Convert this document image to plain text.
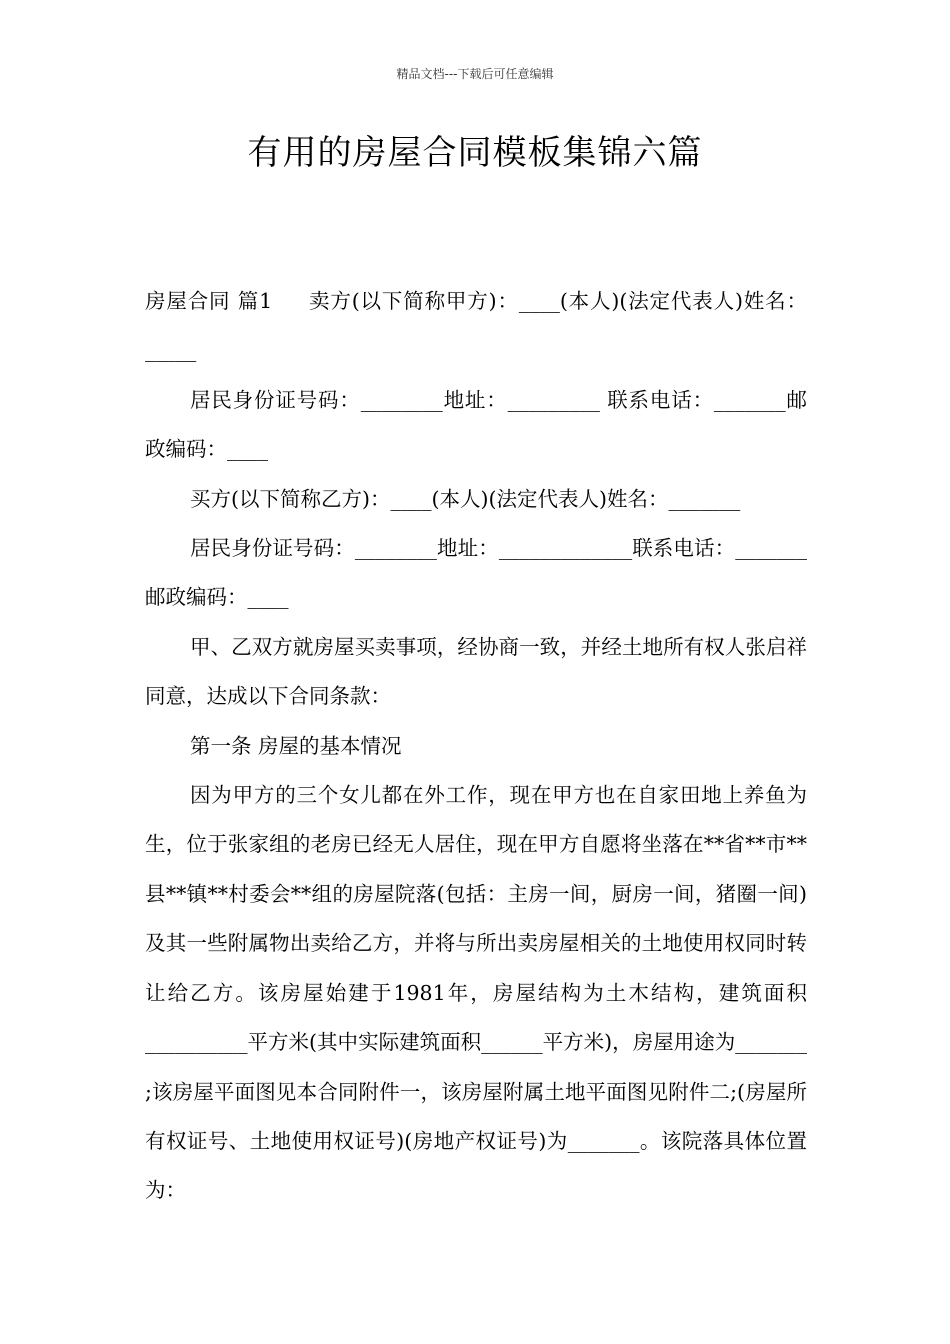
精品文档---下载后可任意编辑
有用的房屋合同模板集锦六篇

房屋合同 篇1 卖方(以下简称甲方)：____(本人)(法定代表人)姓名：_____

居民身份证号码：________地址：_________ 联系电话：_______邮政编码：____

买方(以下简称乙方)：____(本人)(法定代表人)姓名：_______

居民身份证号码：________地址：_____________联系电话：_______邮政编码：____

甲、乙双方就房屋买卖事项，经协商一致，并经土地所有权人张启祥同意，达成以下合同条款：

第一条 房屋的基本情况

因为甲方的三个女儿都在外工作，现在甲方也在自家田地上养鱼为生，位于张家组的老房已经无人居住，现在甲方自愿将坐落在**省**市**县**镇**村委会**组的房屋院落(包括：主房一间，厨房一间，猪圈一间)及其一些附属物出卖给乙方，并将与所出卖房屋相关的土地使用权同时转让给乙方。该房屋始建于1981年，房屋结构为土木结构，建筑面积__________平方米(其中实际建筑面积______平方米)，房屋用途为_______ ;该房屋平面图见本合同附件一，该房屋附属土地平面图见附件二;(房屋所有权证号、土地使用权证号)(房地产权证号)为_______。该院落具体位置为：
